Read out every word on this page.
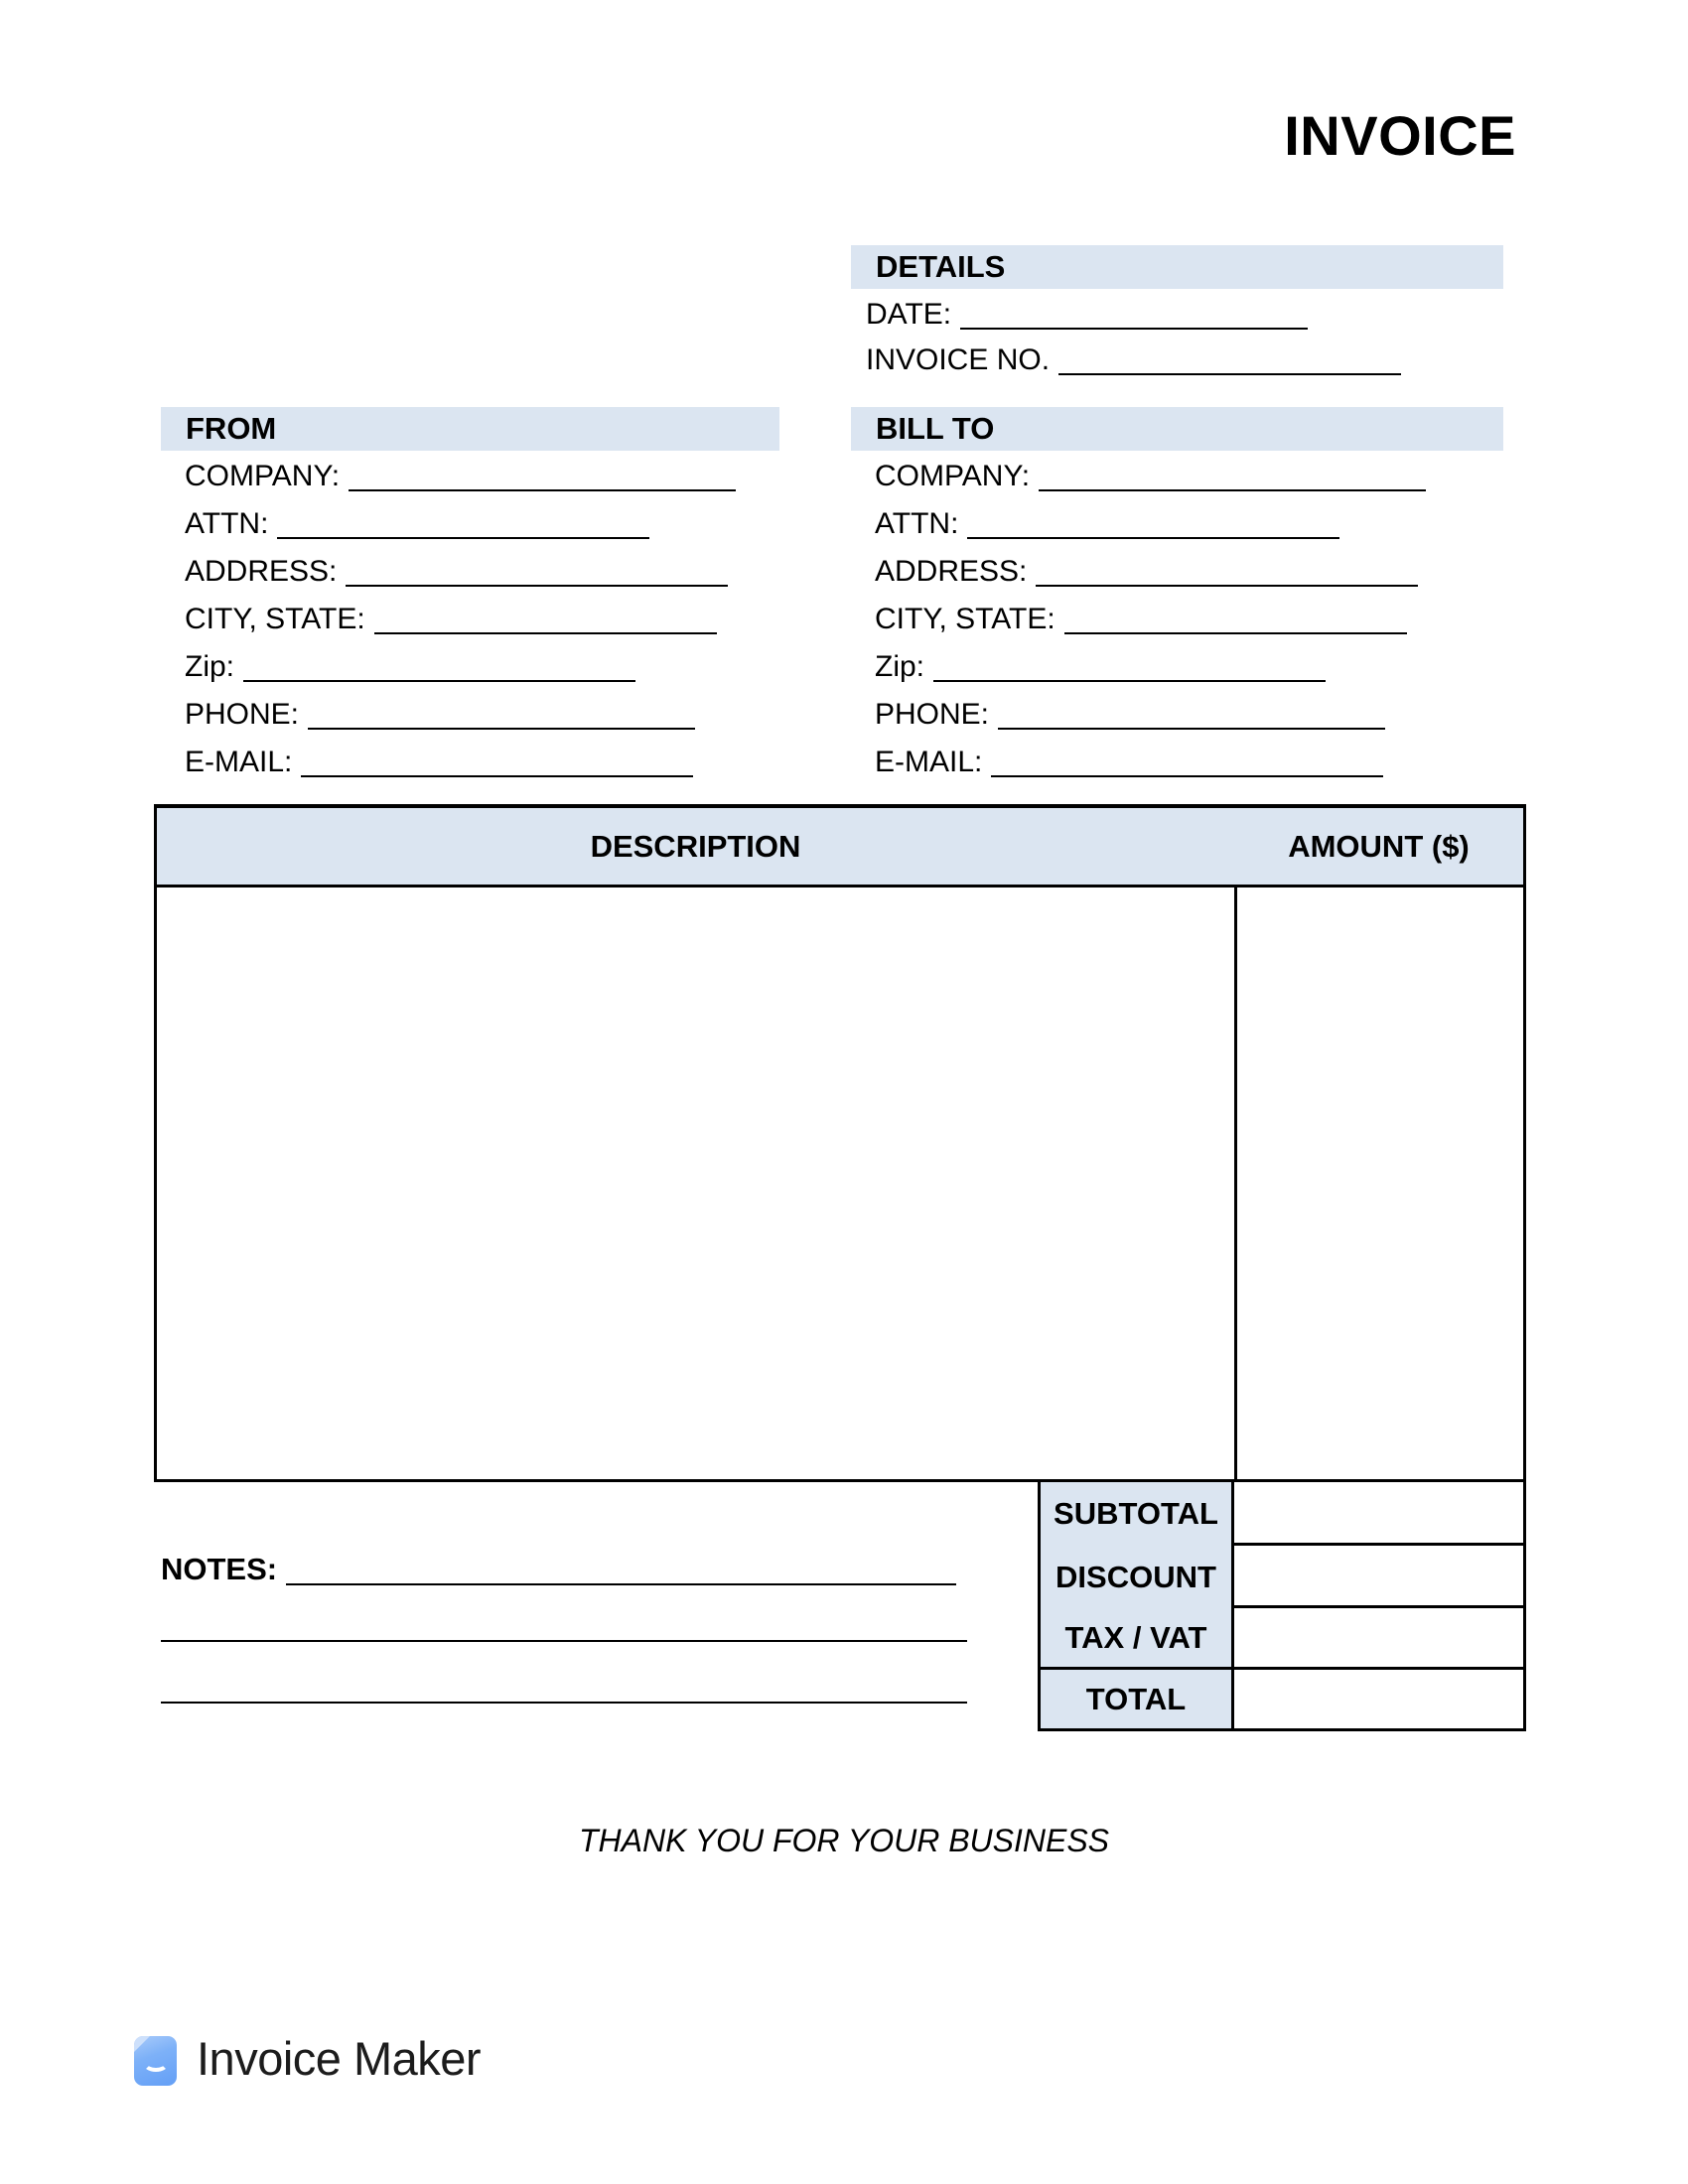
INVOICE
DETAILS
DATE:
INVOICE NO.
FROM
COMPANY:
ATTN:
ADDRESS:
CITY, STATE:
Zip:
PHONE:
E-MAIL:
BILL TO
COMPANY:
ATTN:
ADDRESS:
CITY, STATE:
Zip:
PHONE:
E-MAIL:
DESCRIPTION	AMOUNT ($)
SUBTOTAL
DISCOUNT
TAX / VAT
TOTAL
NOTES:
THANK YOU FOR YOUR BUSINESS
Invoice Maker
